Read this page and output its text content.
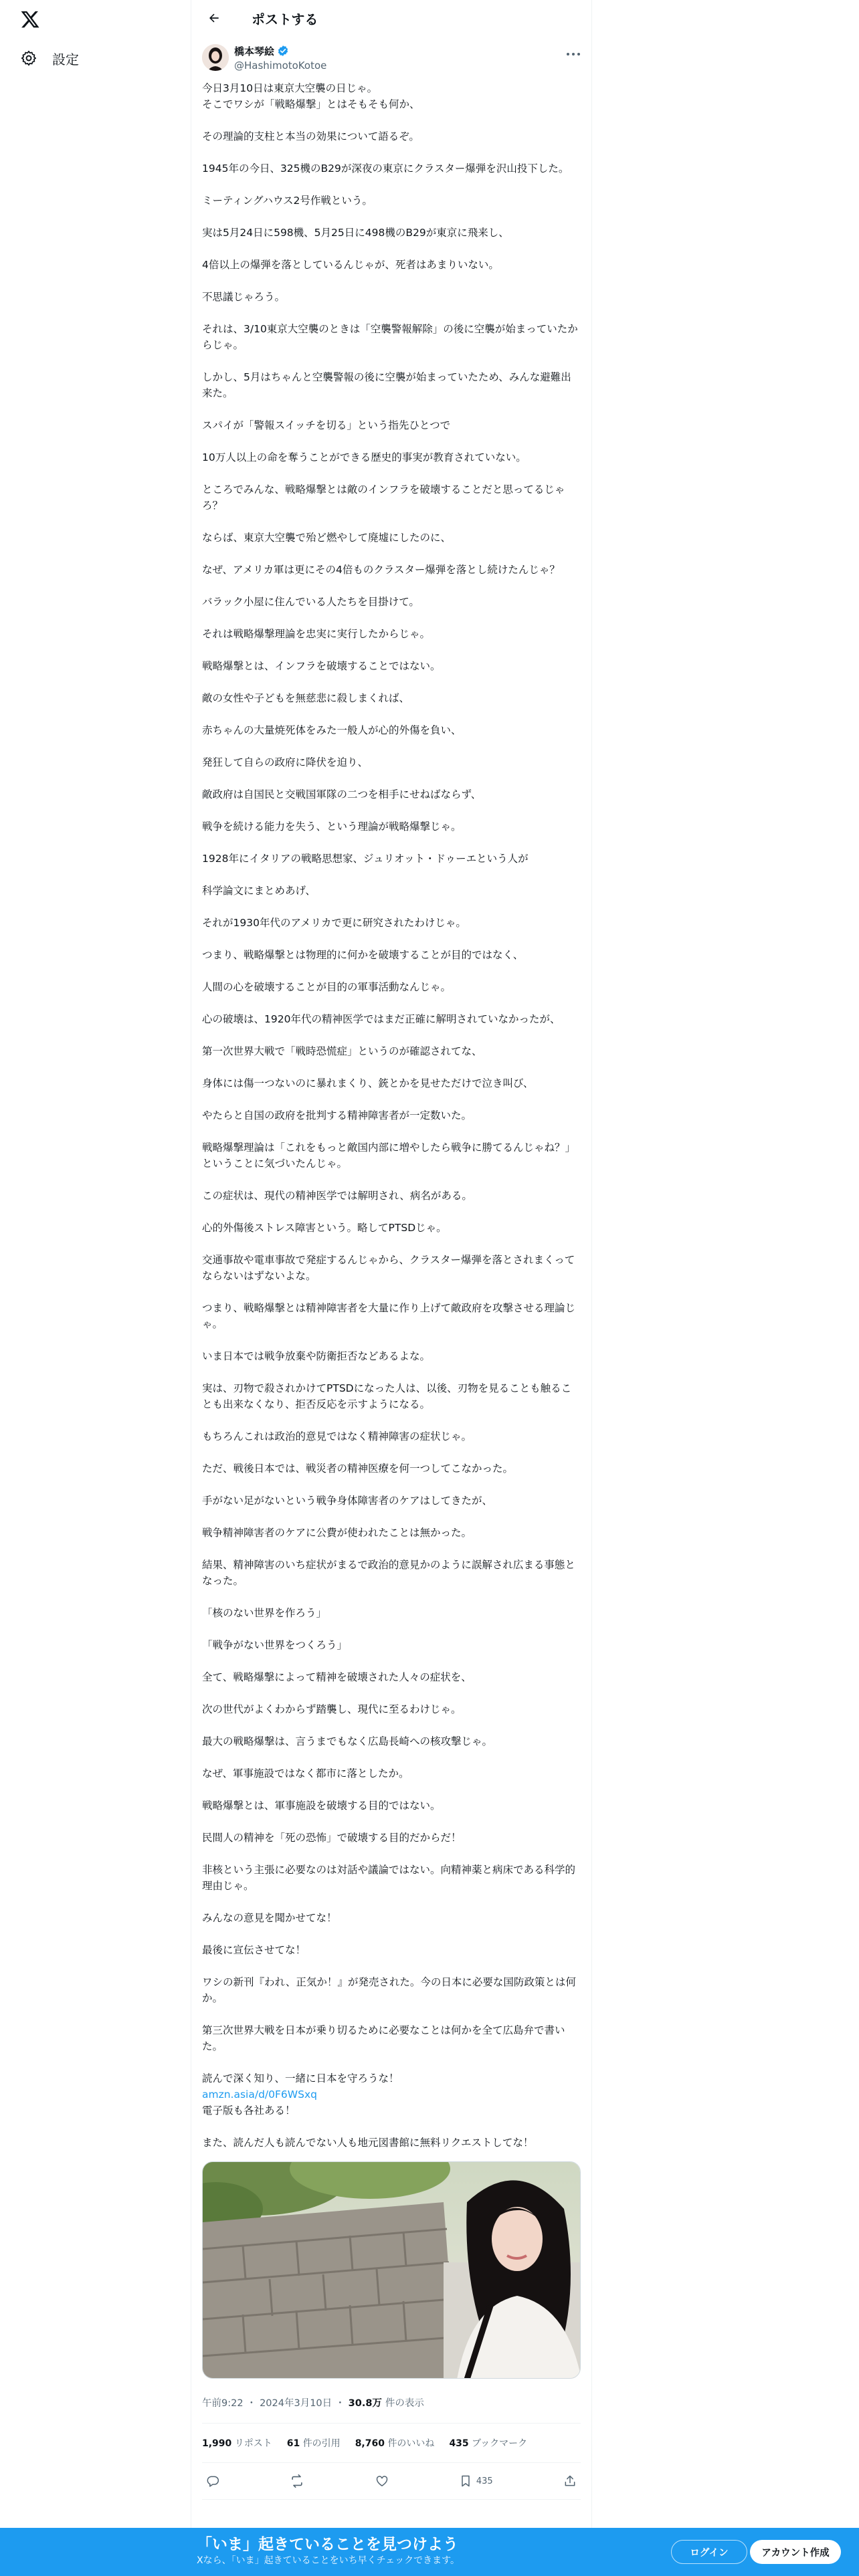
設定
ポストする
橋本琴絵
@HashimotoKotoe
今日3月10日は東京大空襲の日じゃ。
そこでワシが「戦略爆撃」とはそもそも何か、
その理論的支柱と本当の効果について語るぞ。
1945年の今日、325機のB29が深夜の東京にクラスター爆弾を沢山投下した。
ミーティングハウス2号作戦という。
実は5月24日に598機、5月25日に498機のB29が東京に飛来し、
4倍以上の爆弾を落としているんじゃが、死者はあまりいない。
不思議じゃろう。
それは、3/10東京大空襲のときは「空襲警報解除」の後に空襲が始まっていたからじゃ。
しかし、5月はちゃんと空襲警報の後に空襲が始まっていたため、みんな避難出来た。
スパイが「警報スイッチを切る」という指先ひとつで
10万人以上の命を奪うことができる歴史的事実が教育されていない。
ところでみんな、戦略爆撃とは敵のインフラを破壊することだと思ってるじゃろ？
ならば、東京大空襲で殆ど燃やして廃墟にしたのに、
なぜ、アメリカ軍は更にその4倍ものクラスター爆弾を落とし続けたんじゃ？
バラック小屋に住んでいる人たちを目掛けて。
それは戦略爆撃理論を忠実に実行したからじゃ。
戦略爆撃とは、インフラを破壊することではない。
敵の女性や子どもを無慈悲に殺しまくれば、
赤ちゃんの大量焼死体をみた一般人が心的外傷を負い、
発狂して自らの政府に降伏を迫り、
敵政府は自国民と交戦国軍隊の二つを相手にせねばならず、
戦争を続ける能力を失う、という理論が戦略爆撃じゃ。
1928年にイタリアの戦略思想家、ジュリオット・ドゥーエという人が
科学論文にまとめあげ、
それが1930年代のアメリカで更に研究されたわけじゃ。
つまり、戦略爆撃とは物理的に何かを破壊することが目的ではなく、
人間の心を破壊することが目的の軍事活動なんじゃ。
心の破壊は、1920年代の精神医学ではまだ正確に解明されていなかったが、
第一次世界大戦で「戦時恐慌症」というのが確認されてな、
身体には傷一つないのに暴れまくり、銃とかを見せただけで泣き叫び、
やたらと自国の政府を批判する精神障害者が一定数いた。
戦略爆撃理論は「これをもっと敵国内部に増やしたら戦争に勝てるんじゃね？」ということに気づいたんじゃ。
この症状は、現代の精神医学では解明され、病名がある。
心的外傷後ストレス障害という。略してPTSDじゃ。
交通事故や電車事故で発症するんじゃから、クラスター爆弾を落とされまくってならないはずないよな。
つまり、戦略爆撃とは精神障害者を大量に作り上げて敵政府を攻撃させる理論じゃ。
いま日本では戦争放棄や防衛拒否などあるよな。
実は、刃物で殺されかけてPTSDになった人は、以後、刃物を見ることも触ることも出来なくなり、拒否反応を示すようになる。
もちろんこれは政治的意見ではなく精神障害の症状じゃ。
ただ、戦後日本では、戦災者の精神医療を何一つしてこなかった。
手がない足がないという戦争身体障害者のケアはしてきたが、
戦争精神障害者のケアに公費が使われたことは無かった。
結果、精神障害のいち症状がまるで政治的意見かのように誤解され広まる事態となった。
「核のない世界を作ろう」
「戦争がない世界をつくろう」
全て、戦略爆撃によって精神を破壊された人々の症状を、
次の世代がよくわからず踏襲し、現代に至るわけじゃ。
最大の戦略爆撃は、言うまでもなく広島長崎への核攻撃じゃ。
なぜ、軍事施設ではなく都市に落としたか。
戦略爆撃とは、軍事施設を破壊する目的ではない。
民間人の精神を「死の恐怖」で破壊する目的だからだ！
非核という主張に必要なのは対話や議論ではない。向精神薬と病床である科学的理由じゃ。
みんなの意見を聞かせてな！
最後に宣伝させてな！
ワシの新刊『われ、正気か！』が発売された。今の日本に必要な国防政策とは何か。
第三次世界大戦を日本が乗り切るために必要なことは何かを全て広島弁で書いた。
読んで深く知り、一緒に日本を守ろうな！
amzn.asia/d/0F6WSxq
電子版も各社ある！
また、読んだ人も読んでない人も地元図書館に無料リクエストしてな！
午前9:22 ・ 2024年3月10日 ・ 30.8万 件の表示
1,990 リポスト 61 件の引用 8,760 件のいいね 435 ブックマーク
435
「いま」起きていることを見つけよう
Xなら、「いま」起きていることをいち早くチェックできます。
ログイン	アカウント作成
